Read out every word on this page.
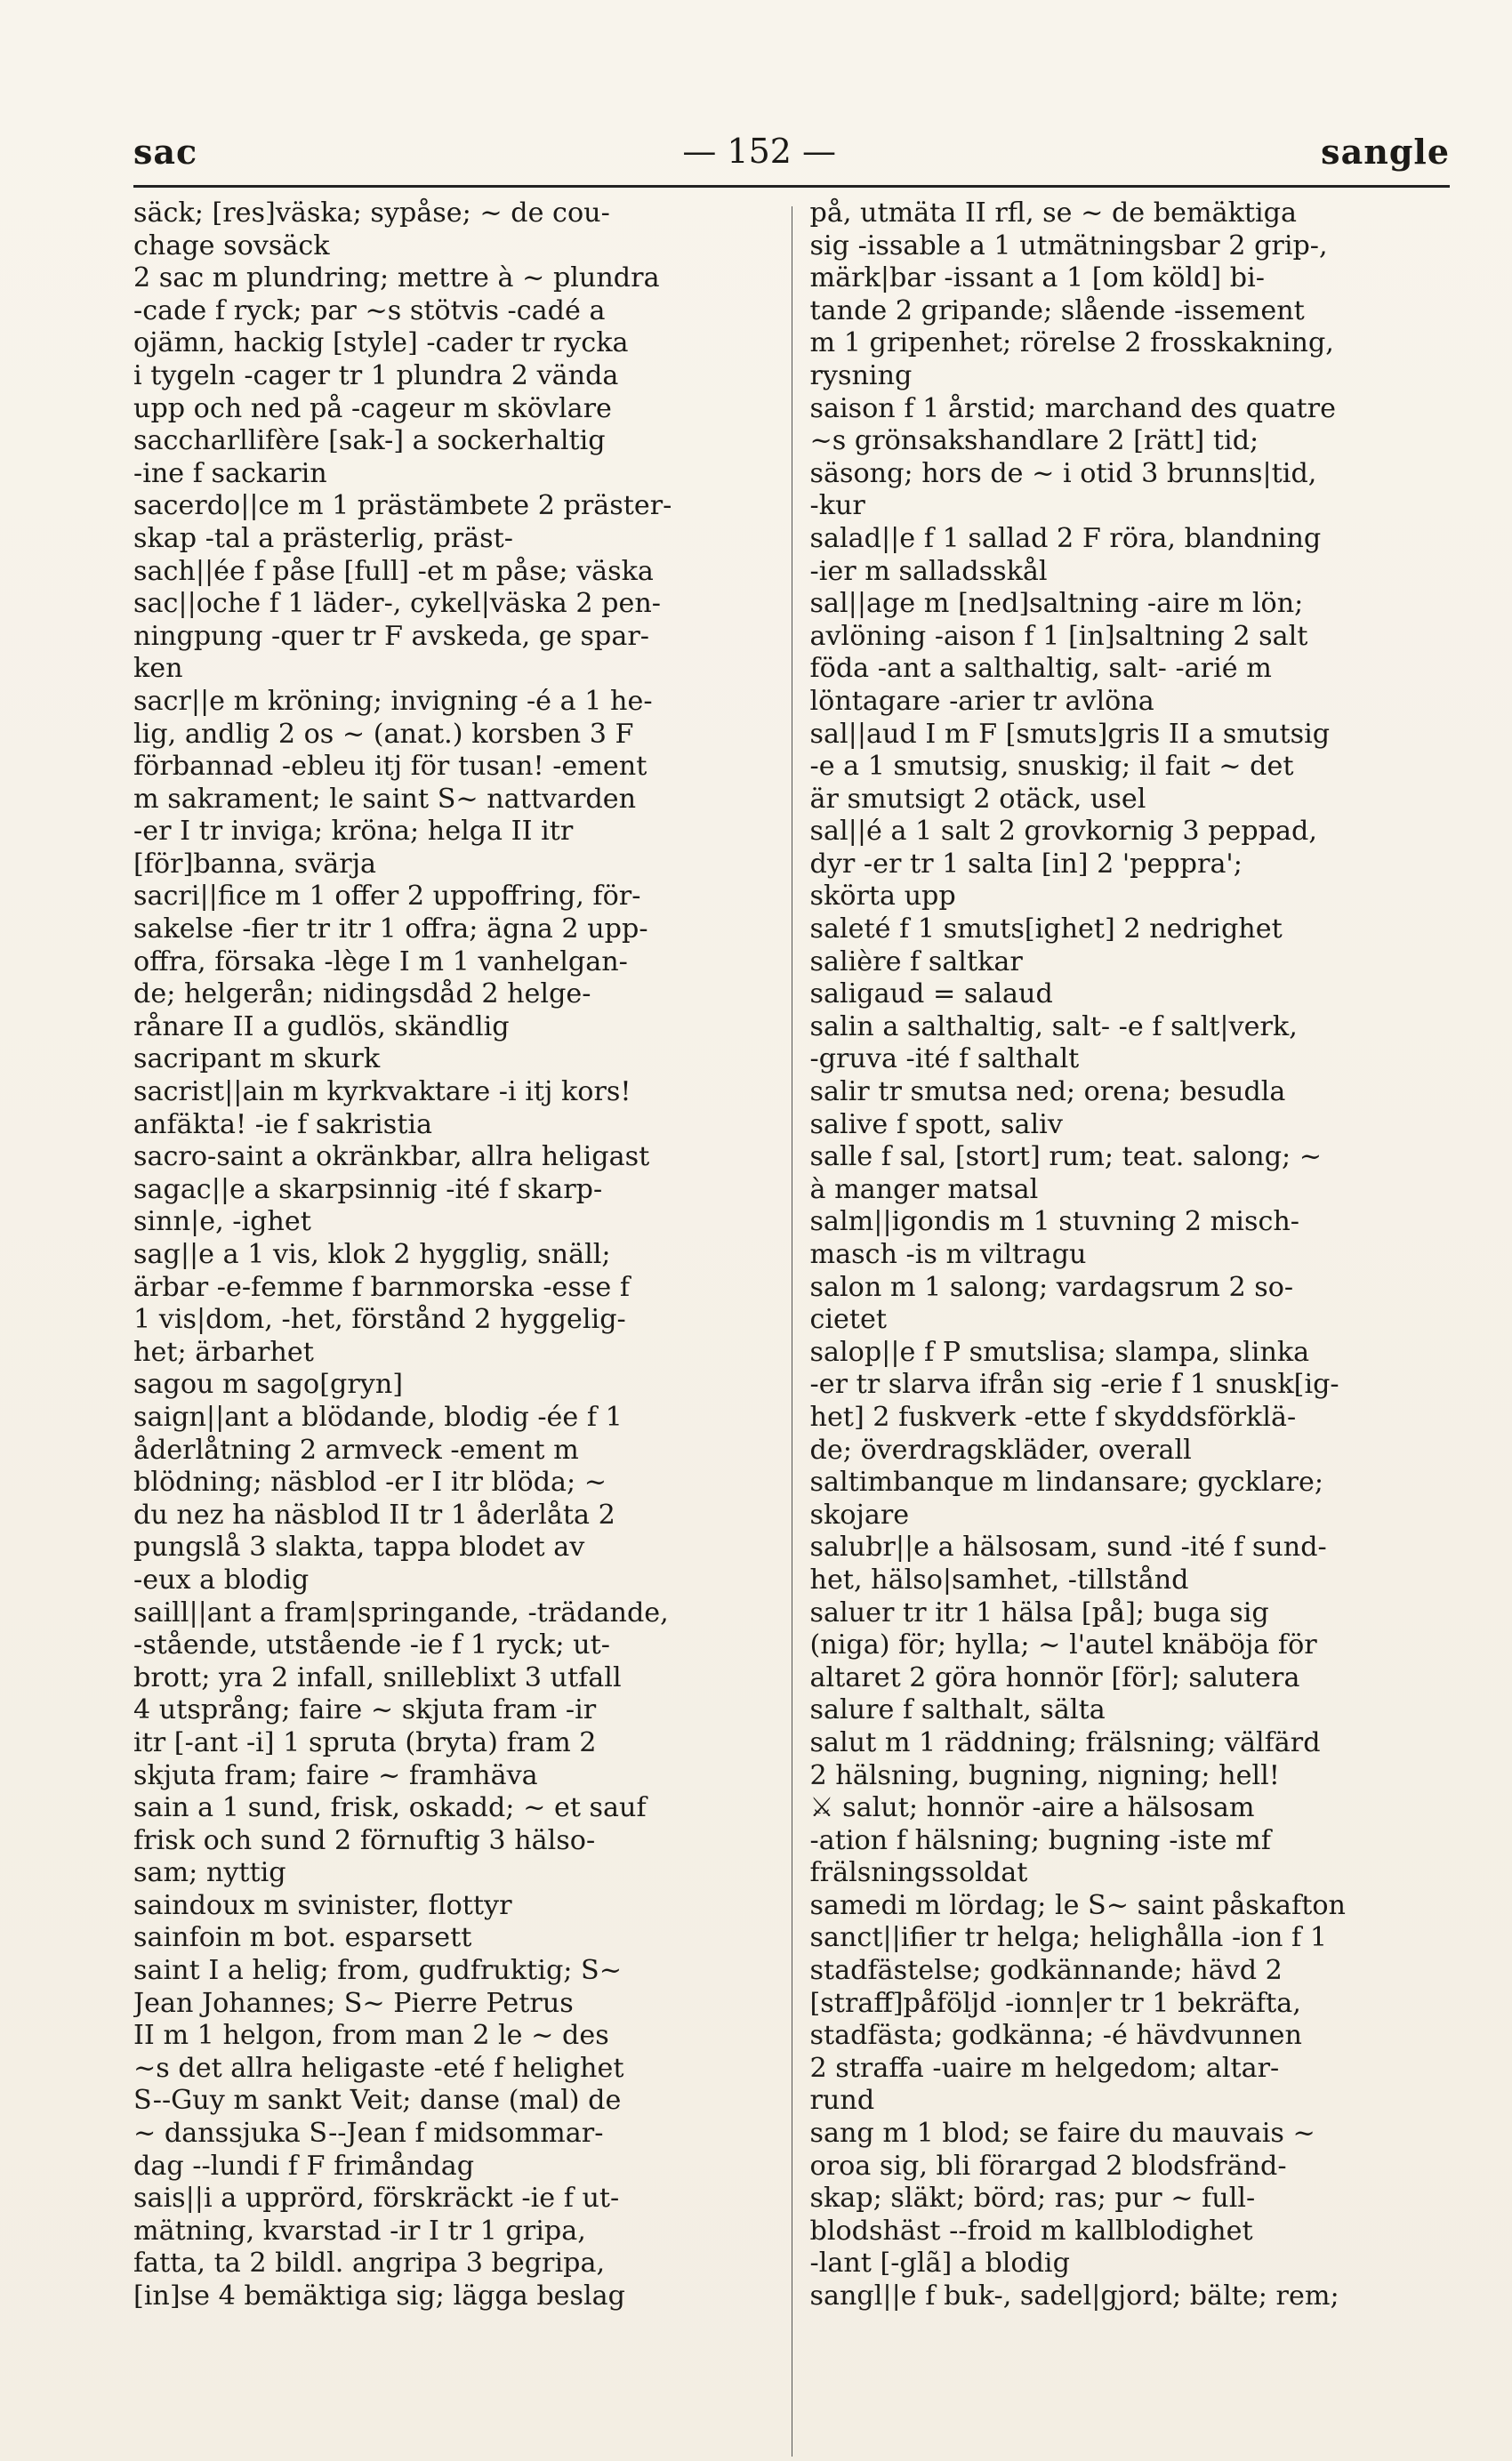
sac	— 152 —	sangle
säck; [res]väska; sypåse; ~ de cou-
chage sovsäck
2 sac m plundring; mettre à ~ plundra
-cade f ryck; par ~s stötvis -cadé a
ojämn, hackig [style] -cader tr rycka
i tygeln -cager tr 1 plundra 2 vända
upp och ned på -cageur m skövlare
saccharllifère [sak-] a sockerhaltig
-ine f sackarin
sacerdo||ce m 1 prästämbete 2 präster-
skap -tal a prästerlig, präst-
sach||ée f påse [full] -et m påse; väska
sac||oche f 1 läder-, cykel|väska 2 pen-
ningpung -quer tr F avskeda, ge spar-
ken
sacr||e m kröning; invigning -é a 1 he-
lig, andlig 2 os ~ (anat.) korsben 3 F
förbannad -ebleu itj för tusan! -ement
m sakrament; le saint S~ nattvarden
-er I tr inviga; kröna; helga II itr
[för]banna, svärja
sacri||fice m 1 offer 2 uppoffring, för-
sakelse -fier tr itr 1 offra; ägna 2 upp-
offra, försaka -lège I m 1 vanhelgan-
de; helgerån; nidingsdåd 2 helge-
rånare II a gudlös, skändlig
sacripant m skurk
sacrist||ain m kyrkvaktare -i itj kors!
anfäkta! -ie f sakristia
sacro-saint a okränkbar, allra heligast
sagac||e a skarpsinnig -ité f skarp-
sinn|e, -ighet
sag||e a 1 vis, klok 2 hygglig, snäll;
ärbar -e-femme f barnmorska -esse f
1 vis|dom, -het, förstånd 2 hyggelig-
het; ärbarhet
sagou m sago[gryn]
saign||ant a blödande, blodig -ée f 1
åderlåtning 2 armveck -ement m
blödning; näsblod -er I itr blöda; ~
du nez ha näsblod II tr 1 åderlåta 2
pungslå 3 slakta, tappa blodet av
-eux a blodig
saill||ant a fram|springande, -trädande,
-stående, utstående -ie f 1 ryck; ut-
brott; yra 2 infall, snilleblixt 3 utfall
4 utsprång; faire ~ skjuta fram -ir
itr [-ant -i] 1 spruta (bryta) fram 2
skjuta fram; faire ~ framhäva
sain a 1 sund, frisk, oskadd; ~ et sauf
frisk och sund 2 förnuftig 3 hälso-
sam; nyttig
saindoux m svinister, flottyr
sainfoin m bot. esparsett
saint I a helig; from, gudfruktig; S~
Jean Johannes; S~ Pierre Petrus
II m 1 helgon, from man 2 le ~ des
~s det allra heligaste -eté f helighet
S--Guy m sankt Veit; danse (mal) de
~ danssjuka S--Jean f midsommar-
dag --lundi f F frimåndag
sais||i a upprörd, förskräckt -ie f ut-
mätning, kvarstad -ir I tr 1 gripa,
fatta, ta 2 bildl. angripa 3 begripa,
[in]se 4 bemäktiga sig; lägga beslag
på, utmäta II rfl, se ~ de bemäktiga
sig -issable a 1 utmätningsbar 2 grip-,
märk|bar -issant a 1 [om köld] bi-
tande 2 gripande; slående -issement
m 1 gripenhet; rörelse 2 frosskakning,
rysning
saison f 1 årstid; marchand des quatre
~s grönsakshandlare 2 [rätt] tid;
säsong; hors de ~ i otid 3 brunns|tid,
-kur
salad||e f 1 sallad 2 F röra, blandning
-ier m salladsskål
sal||age m [ned]saltning -aire m lön;
avlöning -aison f 1 [in]saltning 2 salt
föda -ant a salthaltig, salt- -arié m
löntagare -arier tr avlöna
sal||aud I m F [smuts]gris II a smutsig
-e a 1 smutsig, snuskig; il fait ~ det
är smutsigt 2 otäck, usel
sal||é a 1 salt 2 grovkornig 3 peppad,
dyr -er tr 1 salta [in] 2 'peppra';
skörta upp
saleté f 1 smuts[ighet] 2 nedrighet
salière f saltkar
saligaud = salaud
salin a salthaltig, salt- -e f salt|verk,
-gruva -ité f salthalt
salir tr smutsa ned; orena; besudla
salive f spott, saliv
salle f sal, [stort] rum; teat. salong; ~
à manger matsal
salm||igondis m 1 stuvning 2 misch-
masch -is m viltragu
salon m 1 salong; vardagsrum 2 so-
cietet
salop||e f P smutslisa; slampa, slinka
-er tr slarva ifrån sig -erie f 1 snusk[ig-
het] 2 fuskverk -ette f skyddsförklä-
de; överdragskläder, overall
saltimbanque m lindansare; gycklare;
skojare
salubr||e a hälsosam, sund -ité f sund-
het, hälso|samhet, -tillstånd
saluer tr itr 1 hälsa [på]; buga sig
(niga) för; hylla; ~ l'autel knäböja för
altaret 2 göra honnör [för]; salutera
salure f salthalt, sälta
salut m 1 räddning; frälsning; välfärd
2 hälsning, bugning, nigning; hell!
⚔ salut; honnör -aire a hälsosam
-ation f hälsning; bugning -iste mf
frälsningssoldat
samedi m lördag; le S~ saint påskafton
sanct||ifier tr helga; helighålla -ion f 1
stadfästelse; godkännande; hävd 2
[straff]påföljd -ionn|er tr 1 bekräfta,
stadfästa; godkänna; -é hävdvunnen
2 straffa -uaire m helgedom; altar-
rund
sang m 1 blod; se faire du mauvais ~
oroa sig, bli förargad 2 blodsfränd-
skap; släkt; börd; ras; pur ~ full-
blodshäst --froid m kallblodighet
-lant [-glã] a blodig
sangl||e f buk-, sadel|gjord; bälte; rem;
